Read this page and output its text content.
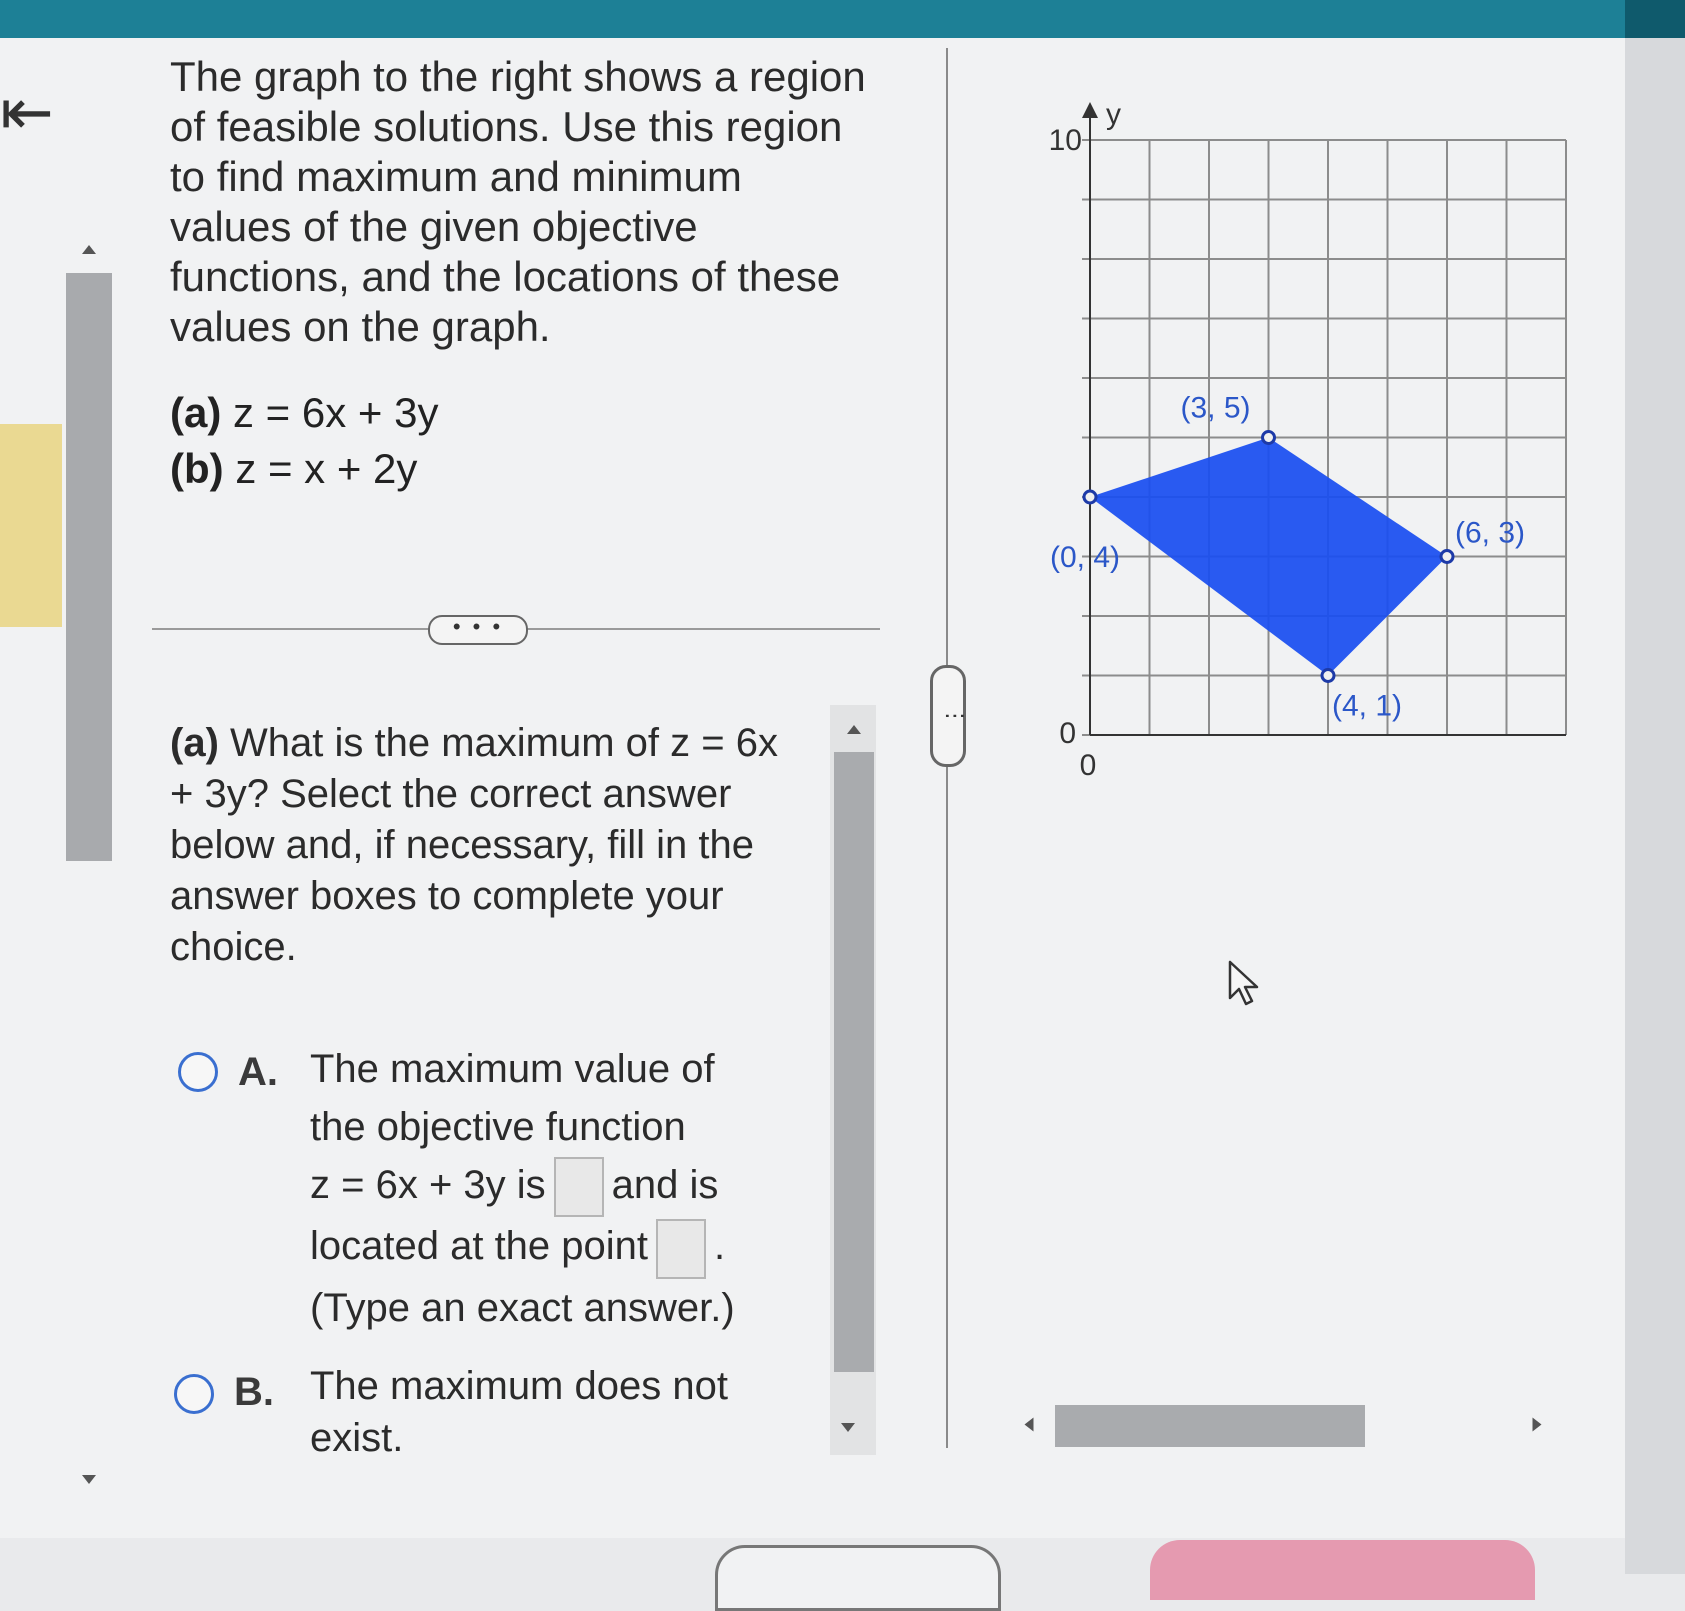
⇤	The graph to the right shows a region of feasible solutions. Use this region to find maximum and minimum values of the given objective functions, and the locations of these values on the graph.
(a) z = 6x + 3y
(b) z = x + 2y
• • •
(a) What is the maximum of z = 6x + 3y? Select the correct answer below and, if necessary, fill in the answer boxes to complete your choice.
A. The maximum value of
the objective function
z = 6x + 3y is and is
located at the point .
(Type an exact answer.)
B. The maximum does not
exist.
⋮
y
10
0
0
(0, 4)
(3, 5)
(6, 3)
(4, 1)
